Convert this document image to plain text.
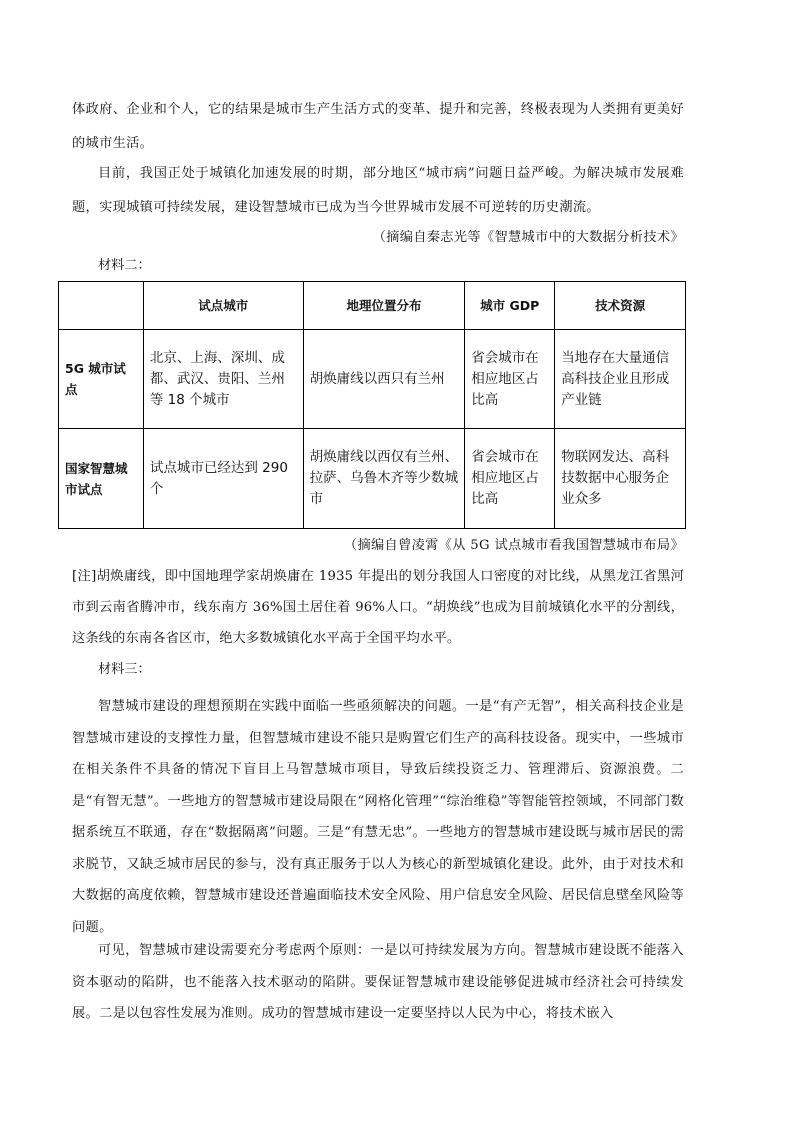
体政府、企业和个人，它的结果是城市生产生活方式的变革、提升和完善，终极表现为人类拥有更美好的城市生活。

目前，我国正处于城镇化加速发展的时期，部分地区“城市病”问题日益严峻。为解决城市发展难题，实现城镇可持续发展，建设智慧城市已成为当今世界城市发展不可逆转的历史潮流。

（摘编自秦志光等《智慧城市中的大数据分析技术》

材料二：
	试点城市	地理位置分布	城市 GDP	技术资源
5G 城市试点	北京、上海、深圳、成都、武汉、贵阳、兰州等 18 个城市	胡焕庸线以西只有兰州	省会城市在相应地区占比高	当地存在大量通信高科技企业且形成产业链
国家智慧城市试点	试点城市已经达到 290 个	胡焕庸线以西仅有兰州、拉萨、乌鲁木齐等少数城市	省会城市在相应地区占比高	物联网发达、高科技数据中心服务企业众多

（摘编自曾凌霄《从 5G 试点城市看我国智慧城市布局》

[注]胡焕庸线，即中国地理学家胡焕庸在 1935 年提出的划分我国人口密度的对比线，从黑龙江省黑河市到云南省腾冲市，线东南方 36%国土居住着 96%人口。“胡焕线”也成为目前城镇化水平的分割线，这条线的东南各省区市，绝大多数城镇化水平高于全国平均水平。

材料三：

智慧城市建设的理想预期在实践中面临一些亟须解决的问题。一是“有产无智”，相关高科技企业是智慧城市建设的支撑性力量，但智慧城市建设不能只是购置它们生产的高科技设备。现实中，一些城市在相关条件不具备的情况下盲目上马智慧城市项目，导致后续投资乏力、管理滞后、资源浪费。二是“有智无慧”。一些地方的智慧城市建设局限在“网格化管理”“综治维稳”等智能管控领域，不同部门数据系统互不联通，存在“数据隔离”问题。三是“有慧无忠”。一些地方的智慧城市建设既与城市居民的需求脱节，又缺乏城市居民的参与，没有真正服务于以人为核心的新型城镇化建设。此外，由于对技术和大数据的高度依赖，智慧城市建设还普遍面临技术安全风险、用户信息安全风险、居民信息壁垒风险等问题。

可见，智慧城市建设需要充分考虑两个原则：一是以可持续发展为方向。智慧城市建设既不能落入资本驱动的陷阱，也不能落入技术驱动的陷阱。要保证智慧城市建设能够促进城市经济社会可持续发展。二是以包容性发展为准则。成功的智慧城市建设一定要坚持以人民为中心，将技术嵌入
